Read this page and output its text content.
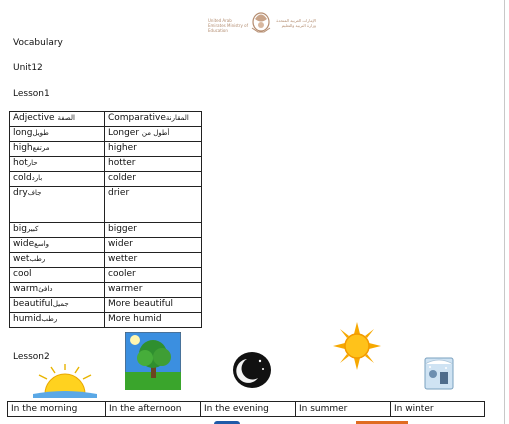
United Arab Emirates Ministry of Education
الإمارات العربية المتحدة وزارة التربية والتعليم
Vocabulary
Unit12
Lesson1
Adjective الصفة	Comparativeالمقارنة
longطويل	Longer أطول من
highمرتفع	higher
hotحار	hotter
coldبارد	colder
dryجاف	drier
bigكبير	bigger
wideواسع	wider
wetرطب	wetter
cool	cooler
warmدافئ	warmer
beautifulجميل	More beautiful
humidرطب	More humid
Lesson2
In the morning	In the afternoon	In the evening	In summer	In winter
